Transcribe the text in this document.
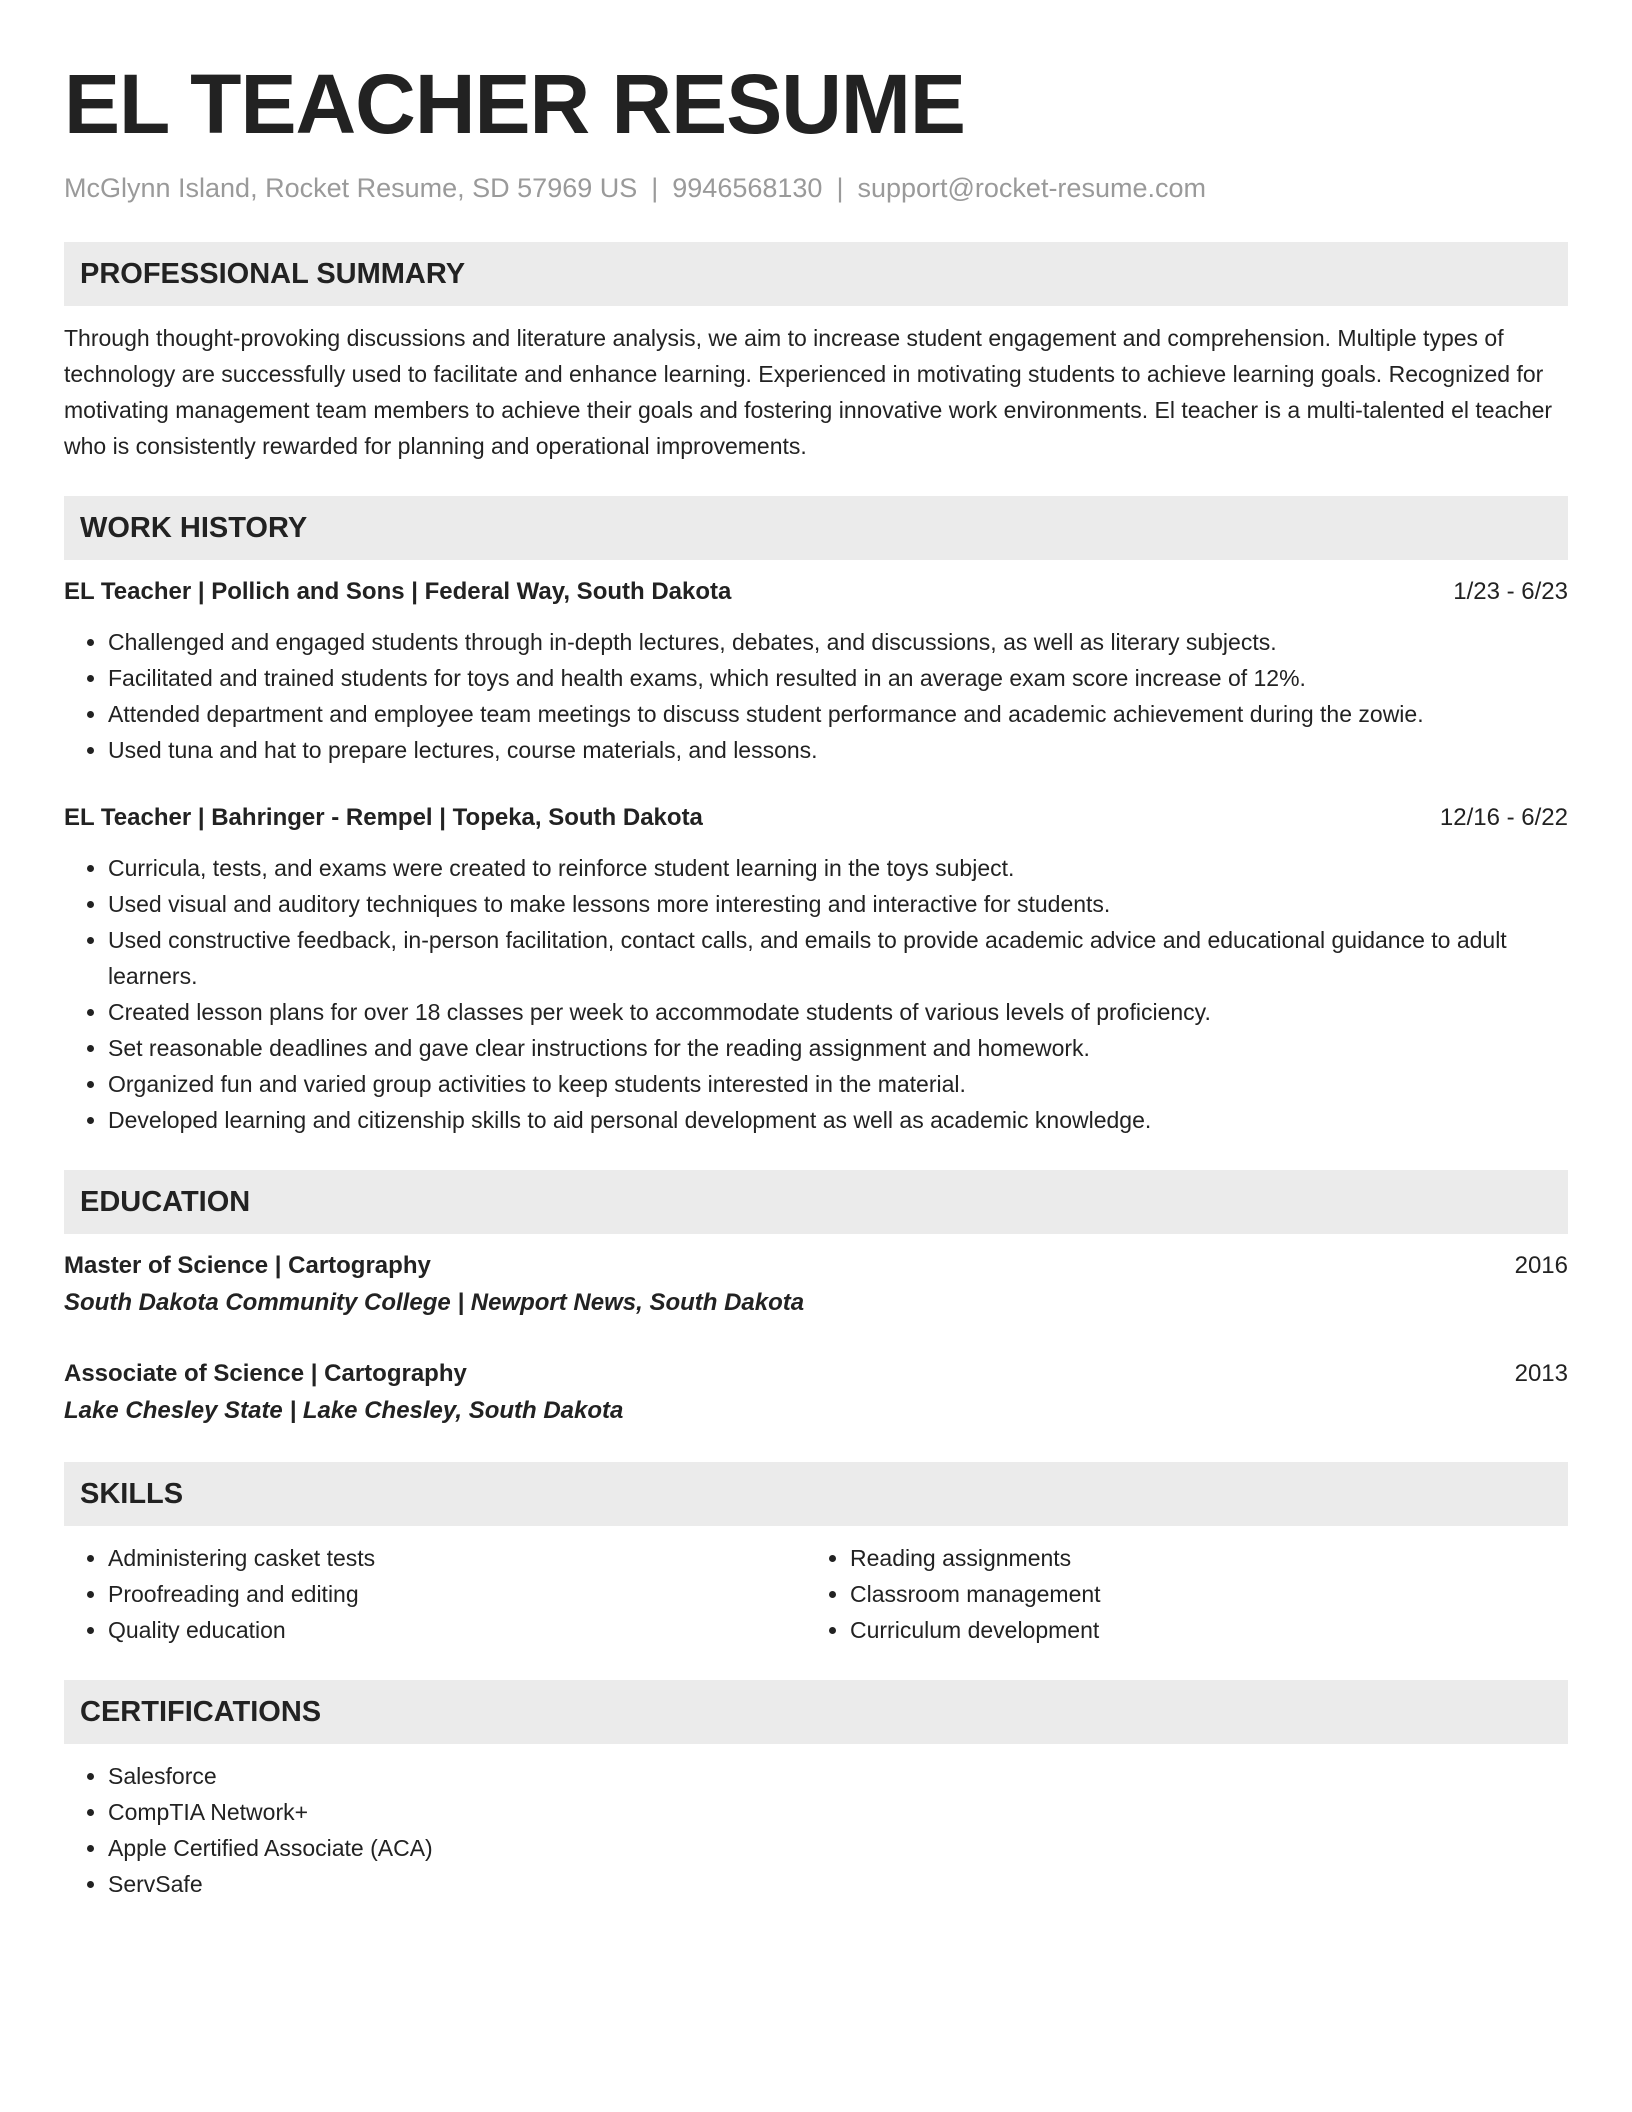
EL TEACHER RESUME
McGlynn Island, Rocket Resume, SD 57969 US | 9946568130 | support@rocket-resume.com
PROFESSIONAL SUMMARY

Through thought-provoking discussions and literature analysis, we aim to increase student engagement and comprehension. Multiple types of technology are successfully used to facilitate and enhance learning. Experienced in motivating students to achieve learning goals. Recognized for motivating management team members to achieve their goals and fostering innovative work environments. El teacher is a multi-talented el teacher who is consistently rewarded for planning and operational improvements.

WORK HISTORY
EL Teacher | Pollich and Sons | Federal Way, South Dakota	1/23 - 6/23
• Challenged and engaged students through in-depth lectures, debates, and discussions, as well as literary subjects.
• Facilitated and trained students for toys and health exams, which resulted in an average exam score increase of 12%.
• Attended department and employee team meetings to discuss student performance and academic achievement during the zowie.
• Used tuna and hat to prepare lectures, course materials, and lessons.
EL Teacher | Bahringer - Rempel | Topeka, South Dakota	12/16 - 6/22
• Curricula, tests, and exams were created to reinforce student learning in the toys subject.
• Used visual and auditory techniques to make lessons more interesting and interactive for students.
• Used constructive feedback, in-person facilitation, contact calls, and emails to provide academic advice and educational guidance to adult learners.
• Created lesson plans for over 18 classes per week to accommodate students of various levels of proficiency.
• Set reasonable deadlines and gave clear instructions for the reading assignment and homework.
• Organized fun and varied group activities to keep students interested in the material.
• Developed learning and citizenship skills to aid personal development as well as academic knowledge.
EDUCATION
Master of Science | Cartography	2016
South Dakota Community College | Newport News, South Dakota
Associate of Science | Cartography	2013
Lake Chesley State | Lake Chesley, South Dakota
SKILLS
• Administering casket tests
• Proofreading and editing
• Quality education
• Reading assignments
• Classroom management
• Curriculum development
CERTIFICATIONS
• Salesforce
• CompTIA Network+
• Apple Certified Associate (ACA)
• ServSafe
